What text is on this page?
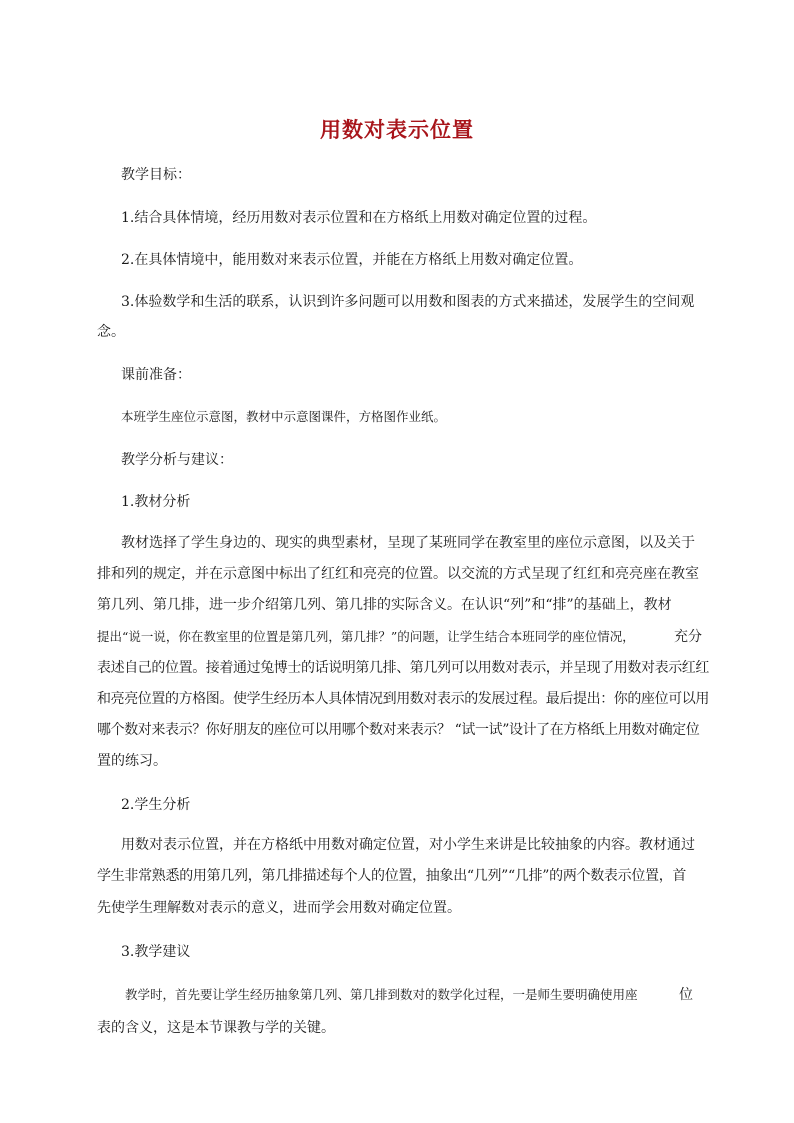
用数对表示位置
教学目标：
1.结合具体情境，经历用数对表示位置和在方格纸上用数对确定位置的过程。
2.在具体情境中，能用数对来表示位置，并能在方格纸上用数对确定位置。
3.体验数学和生活的联系，认识到许多问题可以用数和图表的方式来描述，发展学生的空间观
念。
课前准备：
本班学生座位示意图，教材中示意图课件，方格图作业纸。
教学分析与建议：
1.教材分析
教材选择了学生身边的、现实的典型素材，呈现了某班同学在教室里的座位示意图，以及关于
排和列的规定，并在示意图中标出了红红和亮亮的位置。以交流的方式呈现了红红和亮亮座在教室
第几列、第几排，进一步介绍第几列、第几排的实际含义。在认识“列”和“排”的基础上，教材
提出“说一说，你在教室里的位置是第几列，第几排？”的问题，让学生结合本班同学的座位情况，	充分
表述自己的位置。接着通过兔博士的话说明第几排、第几列可以用数对表示，并呈现了用数对表示红红
和亮亮位置的方格图。使学生经历本人具体情况到用数对表示的发展过程。最后提出：你的座位可以用
哪个数对来表示？你好朋友的座位可以用哪个数对来表示？ “试一试”设计了在方格纸上用数对确定位
置的练习。
2.学生分析
用数对表示位置，并在方格纸中用数对确定位置，对小学生来讲是比较抽象的内容。教材通过
学生非常熟悉的用第几列，第几排描述每个人的位置，抽象出“几列”“几排”的两个数表示位置，首
先使学生理解数对表示的意义，进而学会用数对确定位置。
3.教学建议
教学时，首先要让学生经历抽象第几列、第几排到数对的数学化过程，一是师生要明确使用座	位
表的含义，这是本节课教与学的关键。
